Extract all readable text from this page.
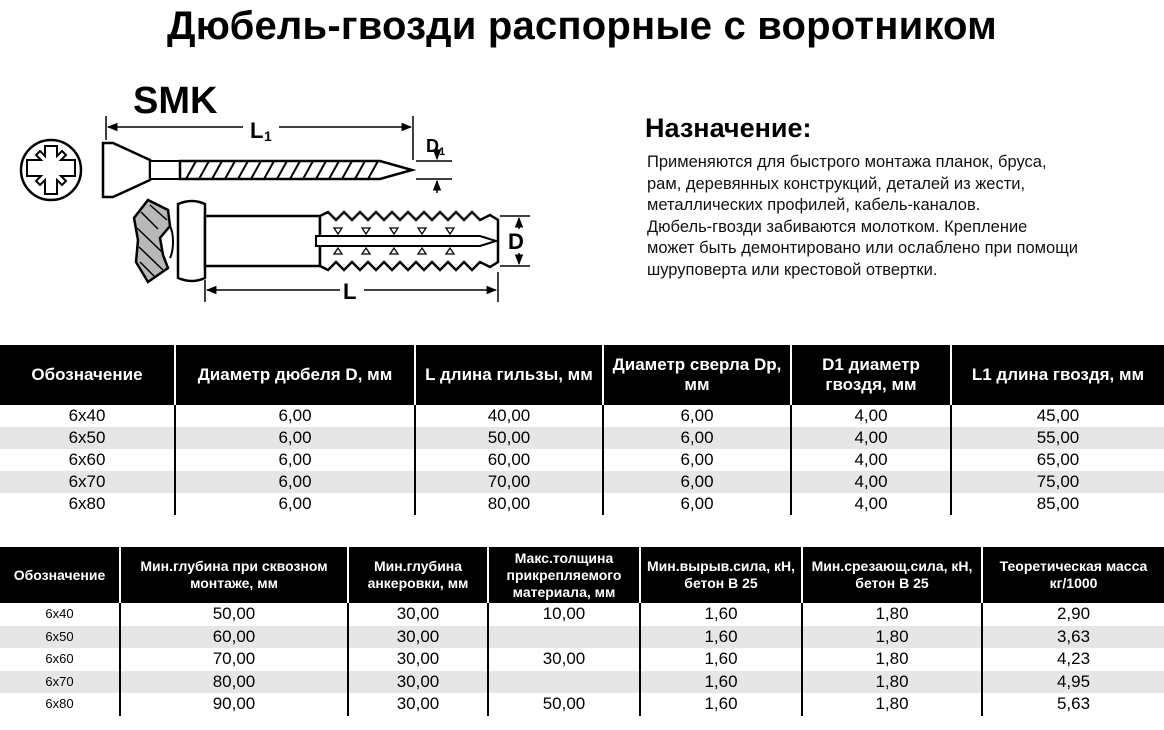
Дюбель-гвозди распорные с воротником
SMK
L 1	D 1
D
L
Назначение:
Применяются для быстрого монтажа планок, бруса,
рам, деревянных конструкций, деталей из жести,
металлических профилей, кабель-каналов.
Дюбель-гвозди забиваются молотком. Крепление
может быть демонтировано или ослаблено при помощи
шуруповерта или крестовой отвертки.
Обозначение	Диаметр дюбеля D, мм	L длина гильзы, мм	Диаметр сверла Dp, мм	D1 диаметр гвоздя, мм	L1 длина гвоздя, мм
6х40	6,00	40,00	6,00	4,00	45,00
6х50	6,00	50,00	6,00	4,00	55,00
6х60	6,00	60,00	6,00	4,00	65,00
6х70	6,00	70,00	6,00	4,00	75,00
6х80	6,00	80,00	6,00	4,00	85,00
Обозначение	Мин.глубина при сквозном монтаже, мм	Мин.глубина анкеровки, мм	Макс.толщина прикрепляемого материала, мм	Мин.вырыв.сила, кН, бетон В 25	Мин.срезающ.сила, кН, бетон В 25	Теоретическая масса кг/1000
6х40	50,00	30,00	10,00	1,60	1,80	2,90
6х50	60,00	30,00		1,60	1,80	3,63
6х60	70,00	30,00	30,00	1,60	1,80	4,23
6х70	80,00	30,00		1,60	1,80	4,95
6х80	90,00	30,00	50,00	1,60	1,80	5,63
